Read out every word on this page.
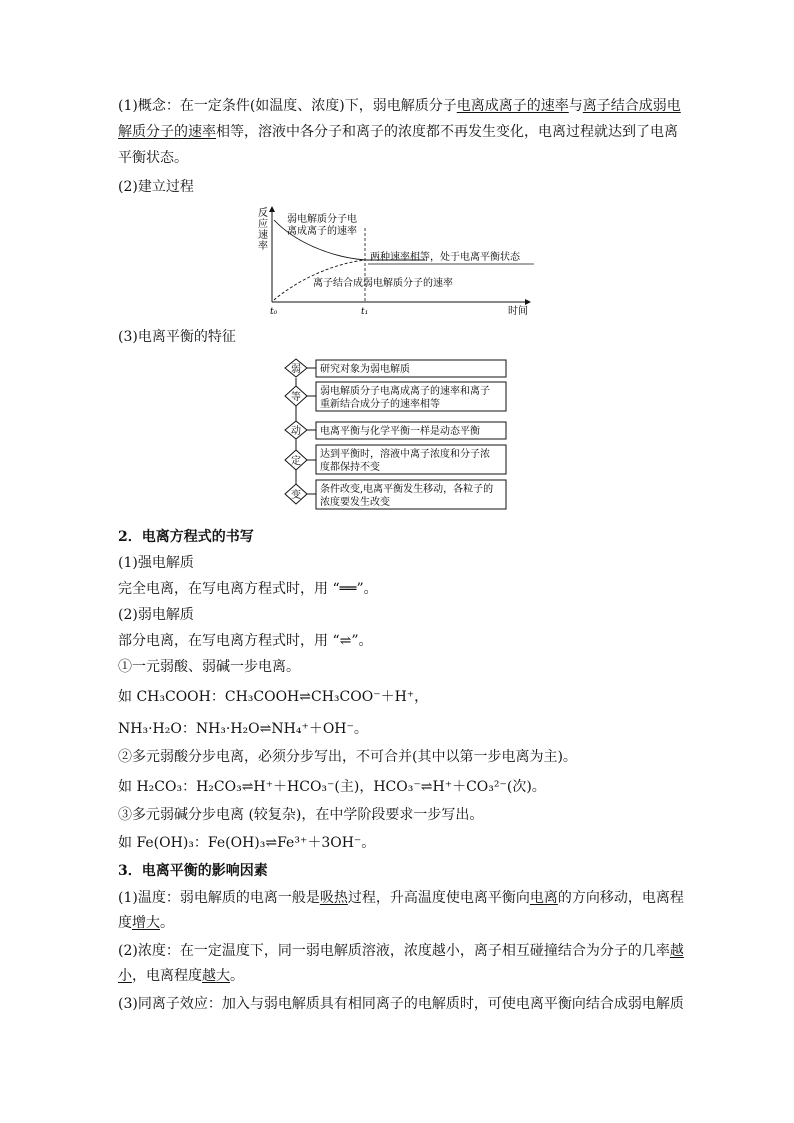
(1)概念：在一定条件(如温度、浓度)下，弱电解质分子电离成离子的速率与离子结合成弱电
解质分子的速率相等，溶液中各分子和离子的浓度都不再发生变化，电离过程就达到了电离
平衡状态。
(2)建立过程
反
应
速
率
时间
t₀	t₁
弱电解质分子电
离成离子的速率
两种速率相等，处于电离平衡状态
离子结合成弱电解质分子的速率
(3)电离平衡的特征
弱 研究对象为弱电解质
等
弱电解质分子电离成离子的速率和离子
重新结合成分子的速率相等
动 电离平衡与化学平衡一样是动态平衡
定
达到平衡时，溶液中离子浓度和分子浓
度都保持不变
变
条件改变,电离平衡发生移动，各粒子的
浓度要发生改变
2．电离方程式的书写
(1)强电解质
完全电离，在写电离方程式时，用 “══”。
(2)弱电解质
部分电离，在写电离方程式时，用 “⇌”。
①一元弱酸、弱碱一步电离。
如 CH₃COOH：CH₃COOH⇌CH₃COO⁻＋H⁺，
NH₃·H₂O：NH₃·H₂O⇌NH₄⁺＋OH⁻。
②多元弱酸分步电离，必须分步写出，不可合并(其中以第一步电离为主)。
如 H₂CO₃：H₂CO₃⇌H⁺＋HCO₃⁻(主)，HCO₃⁻⇌H⁺＋CO₃²⁻(次)。
③多元弱碱分步电离 (较复杂)，在中学阶段要求一步写出。
如 Fe(OH)₃：Fe(OH)₃⇌Fe³⁺＋3OH⁻。
3．电离平衡的影响因素
(1)温度：弱电解质的电离一般是吸热过程，升高温度使电离平衡向电离的方向移动，电离程
度增大。
(2)浓度：在一定温度下，同一弱电解质溶液，浓度越小，离子相互碰撞结合为分子的几率越
小，电离程度越大。
(3)同离子效应：加入与弱电解质具有相同离子的电解质时，可使电离平衡向结合成弱电解质
